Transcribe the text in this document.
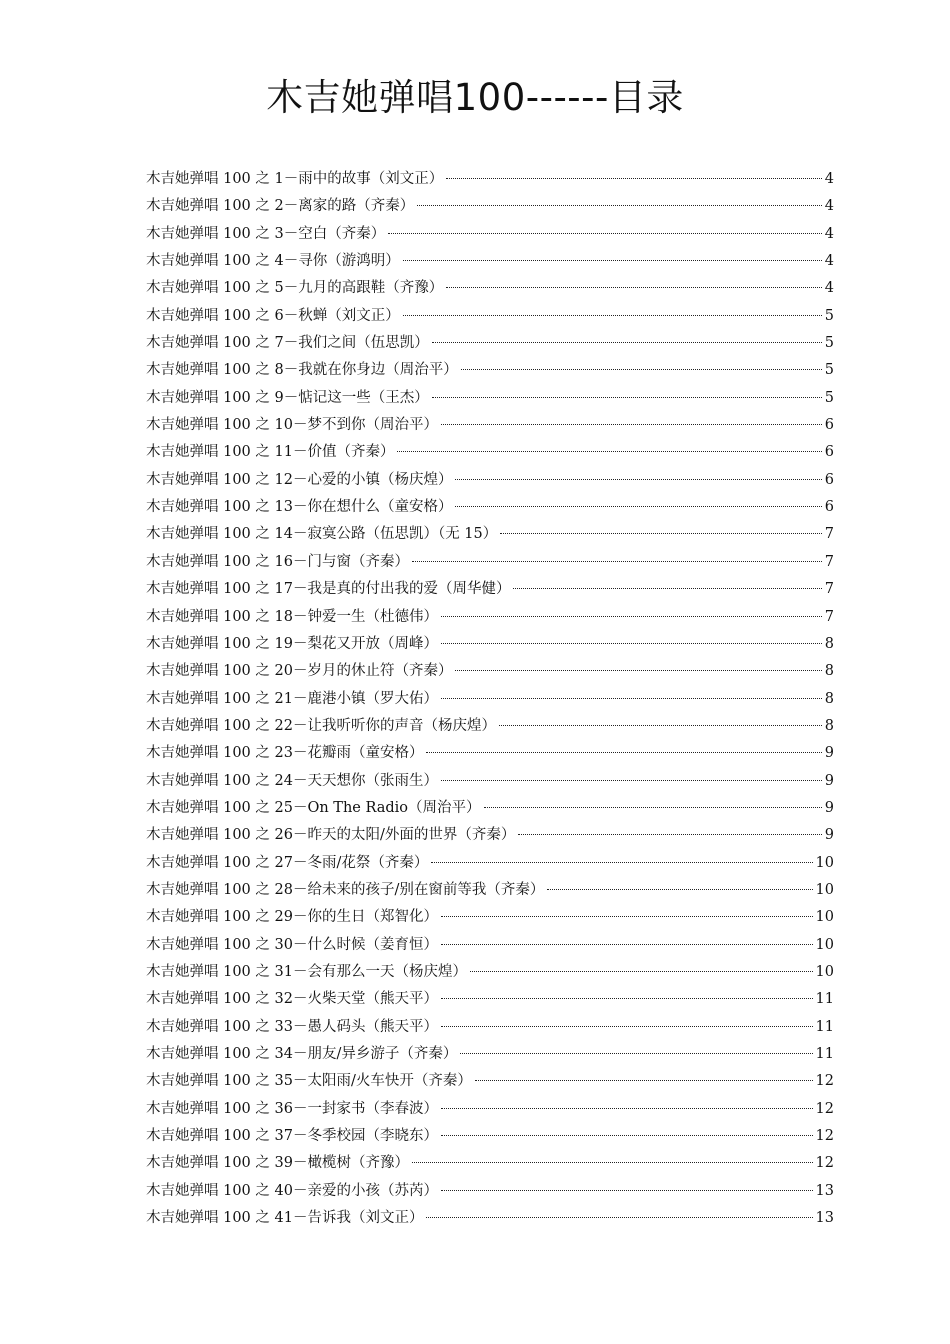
木吉她弹唱100------目录
木吉她弹唱 100 之 1－雨中的故事（刘文正）	4
木吉她弹唱 100 之 2－离家的路（齐秦）	4
木吉她弹唱 100 之 3－空白（齐秦）	4
木吉她弹唱 100 之 4－寻你（游鸿明）	4
木吉她弹唱 100 之 5－九月的高跟鞋（齐豫）	4
木吉她弹唱 100 之 6－秋蝉（刘文正）	5
木吉她弹唱 100 之 7－我们之间（伍思凯）	5
木吉她弹唱 100 之 8－我就在你身边（周治平）	5
木吉她弹唱 100 之 9－惦记这一些（王杰）	5
木吉她弹唱 100 之 10－梦不到你（周治平）	6
木吉她弹唱 100 之 11－价值（齐秦）	6
木吉她弹唱 100 之 12－心爱的小镇（杨庆煌）	6
木吉她弹唱 100 之 13－你在想什么（童安格）	6
木吉她弹唱 100 之 14－寂寞公路（伍思凯）（无 15）	7
木吉她弹唱 100 之 16－门与窗（齐秦）	7
木吉她弹唱 100 之 17－我是真的付出我的爱（周华健）	7
木吉她弹唱 100 之 18－钟爱一生（杜德伟）	7
木吉她弹唱 100 之 19－梨花又开放（周峰）	8
木吉她弹唱 100 之 20－岁月的休止符（齐秦）	8
木吉她弹唱 100 之 21－鹿港小镇（罗大佑）	8
木吉她弹唱 100 之 22－让我听听你的声音（杨庆煌）	8
木吉她弹唱 100 之 23－花瓣雨（童安格）	9
木吉她弹唱 100 之 24－天天想你（张雨生）	9
木吉她弹唱 100 之 25－On The Radio（周治平）	9
木吉她弹唱 100 之 26－昨天的太阳/外面的世界（齐秦）	9
木吉她弹唱 100 之 27－冬雨/花祭（齐秦）	10
木吉她弹唱 100 之 28－给未来的孩子/别在窗前等我（齐秦）	10
木吉她弹唱 100 之 29－你的生日（郑智化）	10
木吉她弹唱 100 之 30－什么时候（姜育恒）	10
木吉她弹唱 100 之 31－会有那么一天（杨庆煌）	10
木吉她弹唱 100 之 32－火柴天堂（熊天平）	11
木吉她弹唱 100 之 33－愚人码头（熊天平）	11
木吉她弹唱 100 之 34－朋友/异乡游子（齐秦）	11
木吉她弹唱 100 之 35－太阳雨/火车快开（齐秦）	12
木吉她弹唱 100 之 36－一封家书（李春波）	12
木吉她弹唱 100 之 37－冬季校园（李晓东）	12
木吉她弹唱 100 之 39－橄榄树（齐豫）	12
木吉她弹唱 100 之 40－亲爱的小孩（苏芮）	13
木吉她弹唱 100 之 41－告诉我（刘文正）	13
